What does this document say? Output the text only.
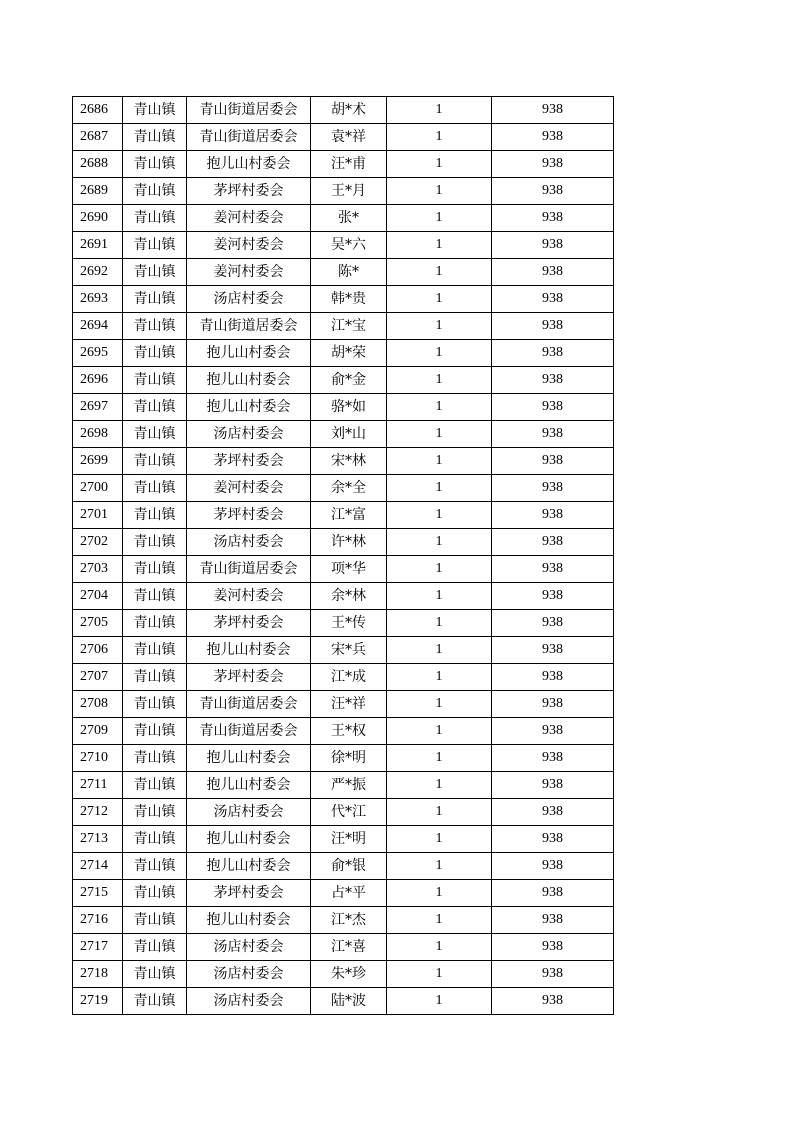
2686	青山镇	青山街道居委会	胡*术	1	938
2687	青山镇	青山街道居委会	袁*祥	1	938
2688	青山镇	抱儿山村委会	汪*甫	1	938
2689	青山镇	茅坪村委会	王*月	1	938
2690	青山镇	姜河村委会	张*	1	938
2691	青山镇	姜河村委会	吴*六	1	938
2692	青山镇	姜河村委会	陈*	1	938
2693	青山镇	汤店村委会	韩*贵	1	938
2694	青山镇	青山街道居委会	江*宝	1	938
2695	青山镇	抱儿山村委会	胡*荣	1	938
2696	青山镇	抱儿山村委会	俞*金	1	938
2697	青山镇	抱儿山村委会	骆*如	1	938
2698	青山镇	汤店村委会	刘*山	1	938
2699	青山镇	茅坪村委会	宋*林	1	938
2700	青山镇	姜河村委会	余*全	1	938
2701	青山镇	茅坪村委会	江*富	1	938
2702	青山镇	汤店村委会	许*林	1	938
2703	青山镇	青山街道居委会	项*华	1	938
2704	青山镇	姜河村委会	余*林	1	938
2705	青山镇	茅坪村委会	王*传	1	938
2706	青山镇	抱儿山村委会	宋*兵	1	938
2707	青山镇	茅坪村委会	江*成	1	938
2708	青山镇	青山街道居委会	汪*祥	1	938
2709	青山镇	青山街道居委会	王*权	1	938
2710	青山镇	抱儿山村委会	徐*明	1	938
2711	青山镇	抱儿山村委会	严*振	1	938
2712	青山镇	汤店村委会	代*江	1	938
2713	青山镇	抱儿山村委会	汪*明	1	938
2714	青山镇	抱儿山村委会	俞*银	1	938
2715	青山镇	茅坪村委会	占*平	1	938
2716	青山镇	抱儿山村委会	江*杰	1	938
2717	青山镇	汤店村委会	江*喜	1	938
2718	青山镇	汤店村委会	朱*珍	1	938
2719	青山镇	汤店村委会	陆*波	1	938
